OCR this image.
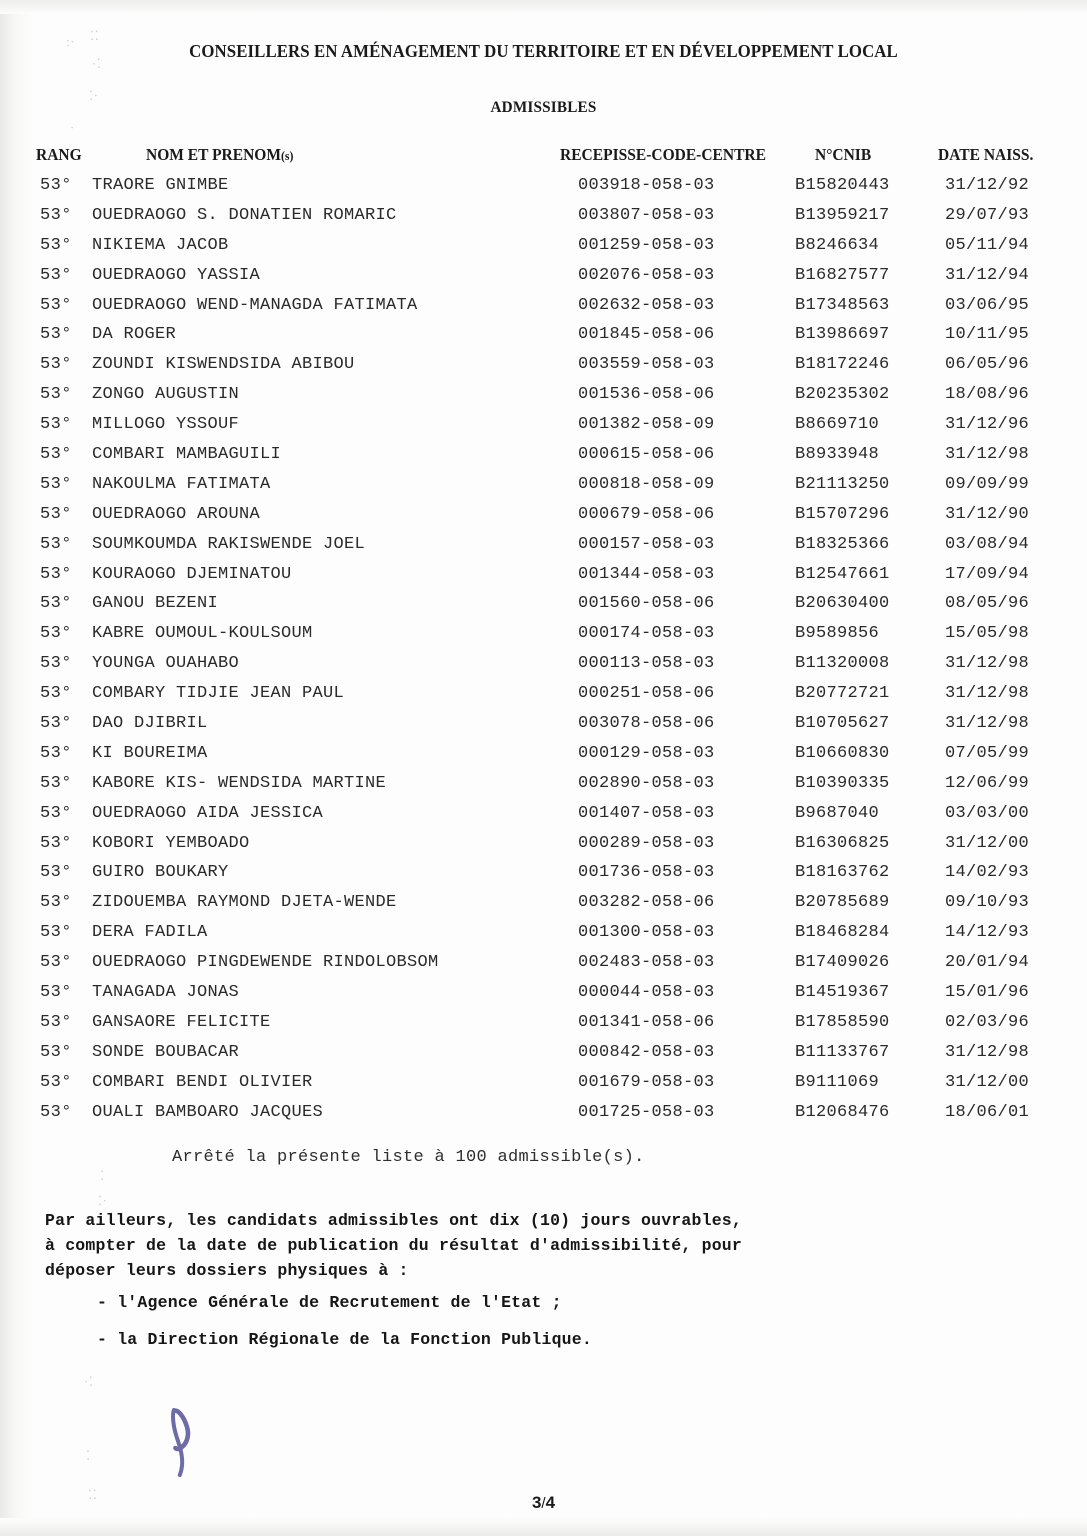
⁚⁚
:·
·⁚
⁚·
·
⁚
⁚·
·⁚
⁚
⁚⁚
CONSEILLERS EN AMÉNAGEMENT DU TERRITOIRE ET EN DÉVELOPPEMENT LOCAL
ADMISSIBLES
RANG	NOM ET PRENOM(s)	RECEPISSE-CODE-CENTRE	N°CNIB	DATE NAISS.
53° TRAORE GNIMBE	003918-058-03	B15820443	31/12/92
53° OUEDRAOGO S. DONATIEN ROMARIC	003807-058-03	B13959217	29/07/93
53° NIKIEMA JACOB	001259-058-03	B8246634	05/11/94
53° OUEDRAOGO YASSIA	002076-058-03	B16827577	31/12/94
53° OUEDRAOGO WEND-MANAGDA FATIMATA	002632-058-03	B17348563	03/06/95
53° DA ROGER	001845-058-06	B13986697	10/11/95
53° ZOUNDI KISWENDSIDA ABIBOU	003559-058-03	B18172246	06/05/96
53° ZONGO AUGUSTIN	001536-058-06	B20235302	18/08/96
53° MILLOGO YSSOUF	001382-058-09	B8669710	31/12/96
53° COMBARI MAMBAGUILI	000615-058-06	B8933948	31/12/98
53° NAKOULMA FATIMATA	000818-058-09	B21113250	09/09/99
53° OUEDRAOGO AROUNA	000679-058-06	B15707296	31/12/90
53° SOUMKOUMDA RAKISWENDE JOEL	000157-058-03	B18325366	03/08/94
53° KOURAOGO DJEMINATOU	001344-058-03	B12547661	17/09/94
53° GANOU BEZENI	001560-058-06	B20630400	08/05/96
53° KABRE OUMOUL-KOULSOUM	000174-058-03	B9589856	15/05/98
53° YOUNGA OUAHABO	000113-058-03	B11320008	31/12/98
53° COMBARY TIDJIE JEAN PAUL	000251-058-06	B20772721	31/12/98
53° DAO DJIBRIL	003078-058-06	B10705627	31/12/98
53° KI BOUREIMA	000129-058-03	B10660830	07/05/99
53° KABORE KIS- WENDSIDA MARTINE	002890-058-03	B10390335	12/06/99
53° OUEDRAOGO AIDA JESSICA	001407-058-03	B9687040	03/03/00
53° KOBORI YEMBOADO	000289-058-03	B16306825	31/12/00
53° GUIRO BOUKARY	001736-058-03	B18163762	14/02/93
53° ZIDOUEMBA RAYMOND DJETA-WENDE	003282-058-06	B20785689	09/10/93
53° DERA FADILA	001300-058-03	B18468284	14/12/93
53° OUEDRAOGO PINGDEWENDE RINDOLOBSOM	002483-058-03	B17409026	20/01/94
53° TANAGADA JONAS	000044-058-03	B14519367	15/01/96
53° GANSAORE FELICITE	001341-058-06	B17858590	02/03/96
53° SONDE BOUBACAR	000842-058-03	B11133767	31/12/98
53° COMBARI BENDI OLIVIER	001679-058-03	B9111069	31/12/00
53° OUALI BAMBOARO JACQUES	001725-058-03	B12068476	18/06/01
Arrêté la présente liste à 100 admissible(s).
Par ailleurs, les candidats admissibles ont dix (10) jours ouvrables,
à compter de la date de publication du résultat d'admissibilité, pour
déposer leurs dossiers physiques à :
- l'Agence Générale de Recrutement de l'Etat ;
- la Direction Régionale de la Fonction Publique.
3/4
